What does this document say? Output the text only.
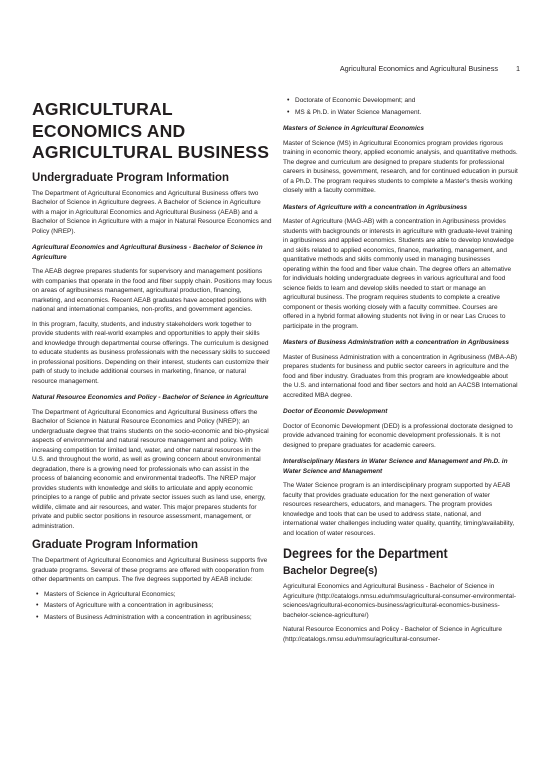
Agricultural Economics and Agricultural Business 1
AGRICULTURAL ECONOMICS AND AGRICULTURAL BUSINESS
Undergraduate Program Information

The Department of Agricultural Economics and Agricultural Business offers two Bachelor of Science in Agriculture degrees. A Bachelor of Science in Agriculture with a major in Agricultural Economics and Agricultural Business (AEAB) and a Bachelor of Science in Agriculture with a major in Natural Resource Economics and Policy (NREP).

Agricultural Economics and Agricultural Business - Bachelor of Science in Agriculture

The AEAB degree prepares students for supervisory and management positions with companies that operate in the food and fiber supply chain. Positions may focus on areas of agribusiness management, agricultural production, financing, marketing, and economics. Recent AEAB graduates have accepted positions with national and international companies, non-profits, and government agencies.

In this program, faculty, students, and industry stakeholders work together to provide students with real-world examples and opportunities to apply their skills and knowledge through departmental course offerings. The curriculum is designed to educate students as business professionals with the necessary skills to succeed in professional positions. Depending on their interest, students can customize their path of study to include additional courses in marketing, finance, or natural resource management.

Natural Resource Economics and Policy - Bachelor of Science in Agriculture

The Department of Agricultural Economics and Agricultural Business offers the Bachelor of Science in Natural Resource Economics and Policy (NREP); an undergraduate degree that trains students on the socio-economic and bio-physical aspects of environmental and natural resource management and policy. With increasing competition for limited land, water, and other natural resources in the U.S. and throughout the world, as well as growing concern about environmental degradation, there is a growing need for professionals who can assist in the process of balancing economic and environmental tradeoffs. The NREP major provides students with knowledge and skills to articulate and apply economic principles to a range of public and private sector issues such as land use, energy, wildlife, climate and air resources, and water. This major prepares students for private and public sector positions in resource assessment, management, or administration.

Graduate Program Information

The Department of Agricultural Economics and Agricultural Business supports five graduate programs. Several of these programs are offered with cooperation from other departments on campus. The five degrees supported by AEAB include:

• Masters of Science in Agricultural Economics;
• Masters of Agriculture with a concentration in agribusiness;
• Masters of Business Administration with a concentration in agribusiness;
• Doctorate of Economic Development; and
• MS & Ph.D. in Water Science Management.
Masters of Science in Agricultural Economics

Master of Science (MS) in Agricultural Economics program provides rigorous training in economic theory, applied economic analysis, and quantitative methods. The degree and curriculum are designed to prepare students for professional careers in business, government, research, and for continued education in pursuit of a Ph.D. The program requires students to complete a Master's thesis working closely with a faculty committee.

Masters of Agriculture with a concentration in Agribusiness

Master of Agriculture (MAG-AB) with a concentration in Agribusiness provides students with backgrounds or interests in agriculture with graduate-level training in agribusiness and applied economics. Students are able to develop knowledge and skills related to applied economics, finance, marketing, management, and quantitative methods and skills commonly used in managing businesses operating within the food and fiber value chain. The degree offers an alternative for individuals holding undergraduate degrees in various agricultural and food science fields to learn and develop skills needed to start or manage an agricultural business. The program requires students to complete a creative component or thesis working closely with a faculty committee. Courses are offered in a hybrid format allowing students not living in or near Las Cruces to participate in the program.

Masters of Business Administration with a concentration in Agribusiness

Master of Business Administration with a concentration in Agribusiness (MBA-AB) prepares students for business and public sector careers in agriculture and the food and fiber industry. Graduates from this program are knowledgeable about the U.S. and international food and fiber sectors and hold an AACSB International accredited MBA degree.

Doctor of Economic Development

Doctor of Economic Development (DED) is a professional doctorate designed to provide advanced training for economic development professionals. It is not designed to prepare graduates for academic careers.

Interdisciplinary Masters in Water Science and Management and Ph.D. in Water Science and Management

The Water Science program is an interdisciplinary program supported by AEAB faculty that provides graduate education for the next generation of water resources researchers, educators, and managers. The program provides knowledge and tools that can be used to address state, national, and international water challenges including water quality, quantity, timing/availability, and location of water resources.

Degrees for the Department
Bachelor Degree(s)

Agricultural Economics and Agricultural Business - Bachelor of Science in Agriculture (http://catalogs.nmsu.edu/nmsu/agricultural-consumer-environmental-sciences/agricultural-economics-business/agricultural-economics-business-bachelor-science-agriculture/)

Natural Resource Economics and Policy - Bachelor of Science in Agriculture (http://catalogs.nmsu.edu/nmsu/agricultural-consumer-
